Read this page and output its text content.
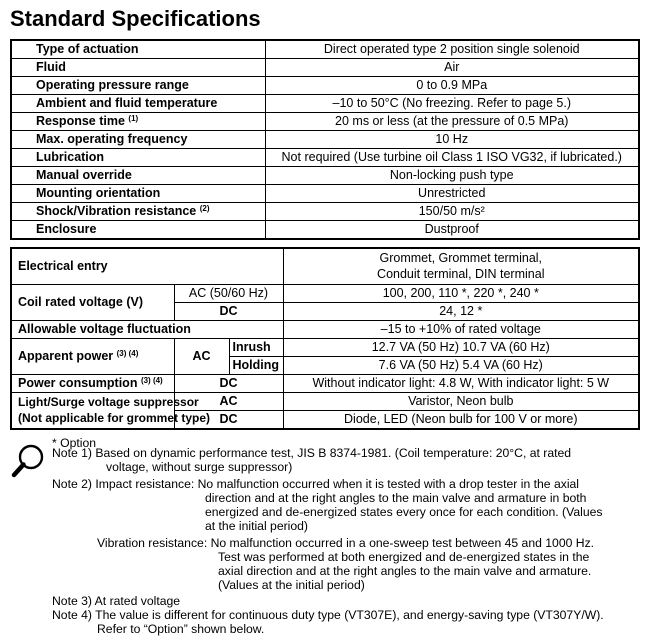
Standard Specifications
Type of actuation	Direct operated type 2 position single solenoid
Fluid	Air
Operating pressure range	0 to 0.9 MPa
Ambient and fluid temperature	–10 to 50°C (No freezing. Refer to page 5.)
Response time $^{(1)}$	20 ms or less (at the pressure of 0.5 MPa)
Max. operating frequency	10 Hz
Lubrication	Not required (Use turbine oil Class 1 ISO VG32, if lubricated.)
Manual override	Non-locking push type
Mounting orientation	Unrestricted
Shock/Vibration resistance $^{(2)}$	150/50 m/s²
Enclosure	Dustproof
Electrical entry			Grommet, Grommet terminal,
Conduit terminal, DIN terminal

Coil rated voltage (V)	AC (50/60 Hz)		100, 200, 110 *, 220 *, 240 *
	DC		24, 12 *
Allowable voltage fluctuation			–15 to +10% of rated voltage
Apparent power $^{(3) (4)}$	AC	Inrush	12.7 VA (50 Hz) 10.7 VA (60 Hz)
		Holding	7.6 VA (50 Hz) 5.4 VA (60 Hz)
Power consumption $^{(3) (4)}$	DC		Without indicator light: 4.8 W, With indicator light: 5 W

Light/Surge voltage suppressor
(Not applicable for grommet type)	AC		Varistor, Neon bulb
	DC		Diode, LED (Neon bulb for 100 V or more)
* Option
Note 1) Based on dynamic performance test, JIS B 8374-1981. (Coil temperature: 20°C, at rated
voltage, without surge suppressor)
Note 2) Impact resistance: No malfunction occurred when it is tested with a drop tester in the axial
direction and at the right angles to the main valve and armature in both
energized and de-energized states every once for each condition. (Values
at the initial period)
Vibration resistance: No malfunction occurred in a one-sweep test between 45 and 1000 Hz.
Test was performed at both energized and de-energized states in the
axial direction and at the right angles to the main valve and armature.
(Values at the initial period)
Note 3) At rated voltage
Note 4) The value is different for continuous duty type (VT307E), and energy-saving type (VT307Y/W).
Refer to “Option” shown below.
